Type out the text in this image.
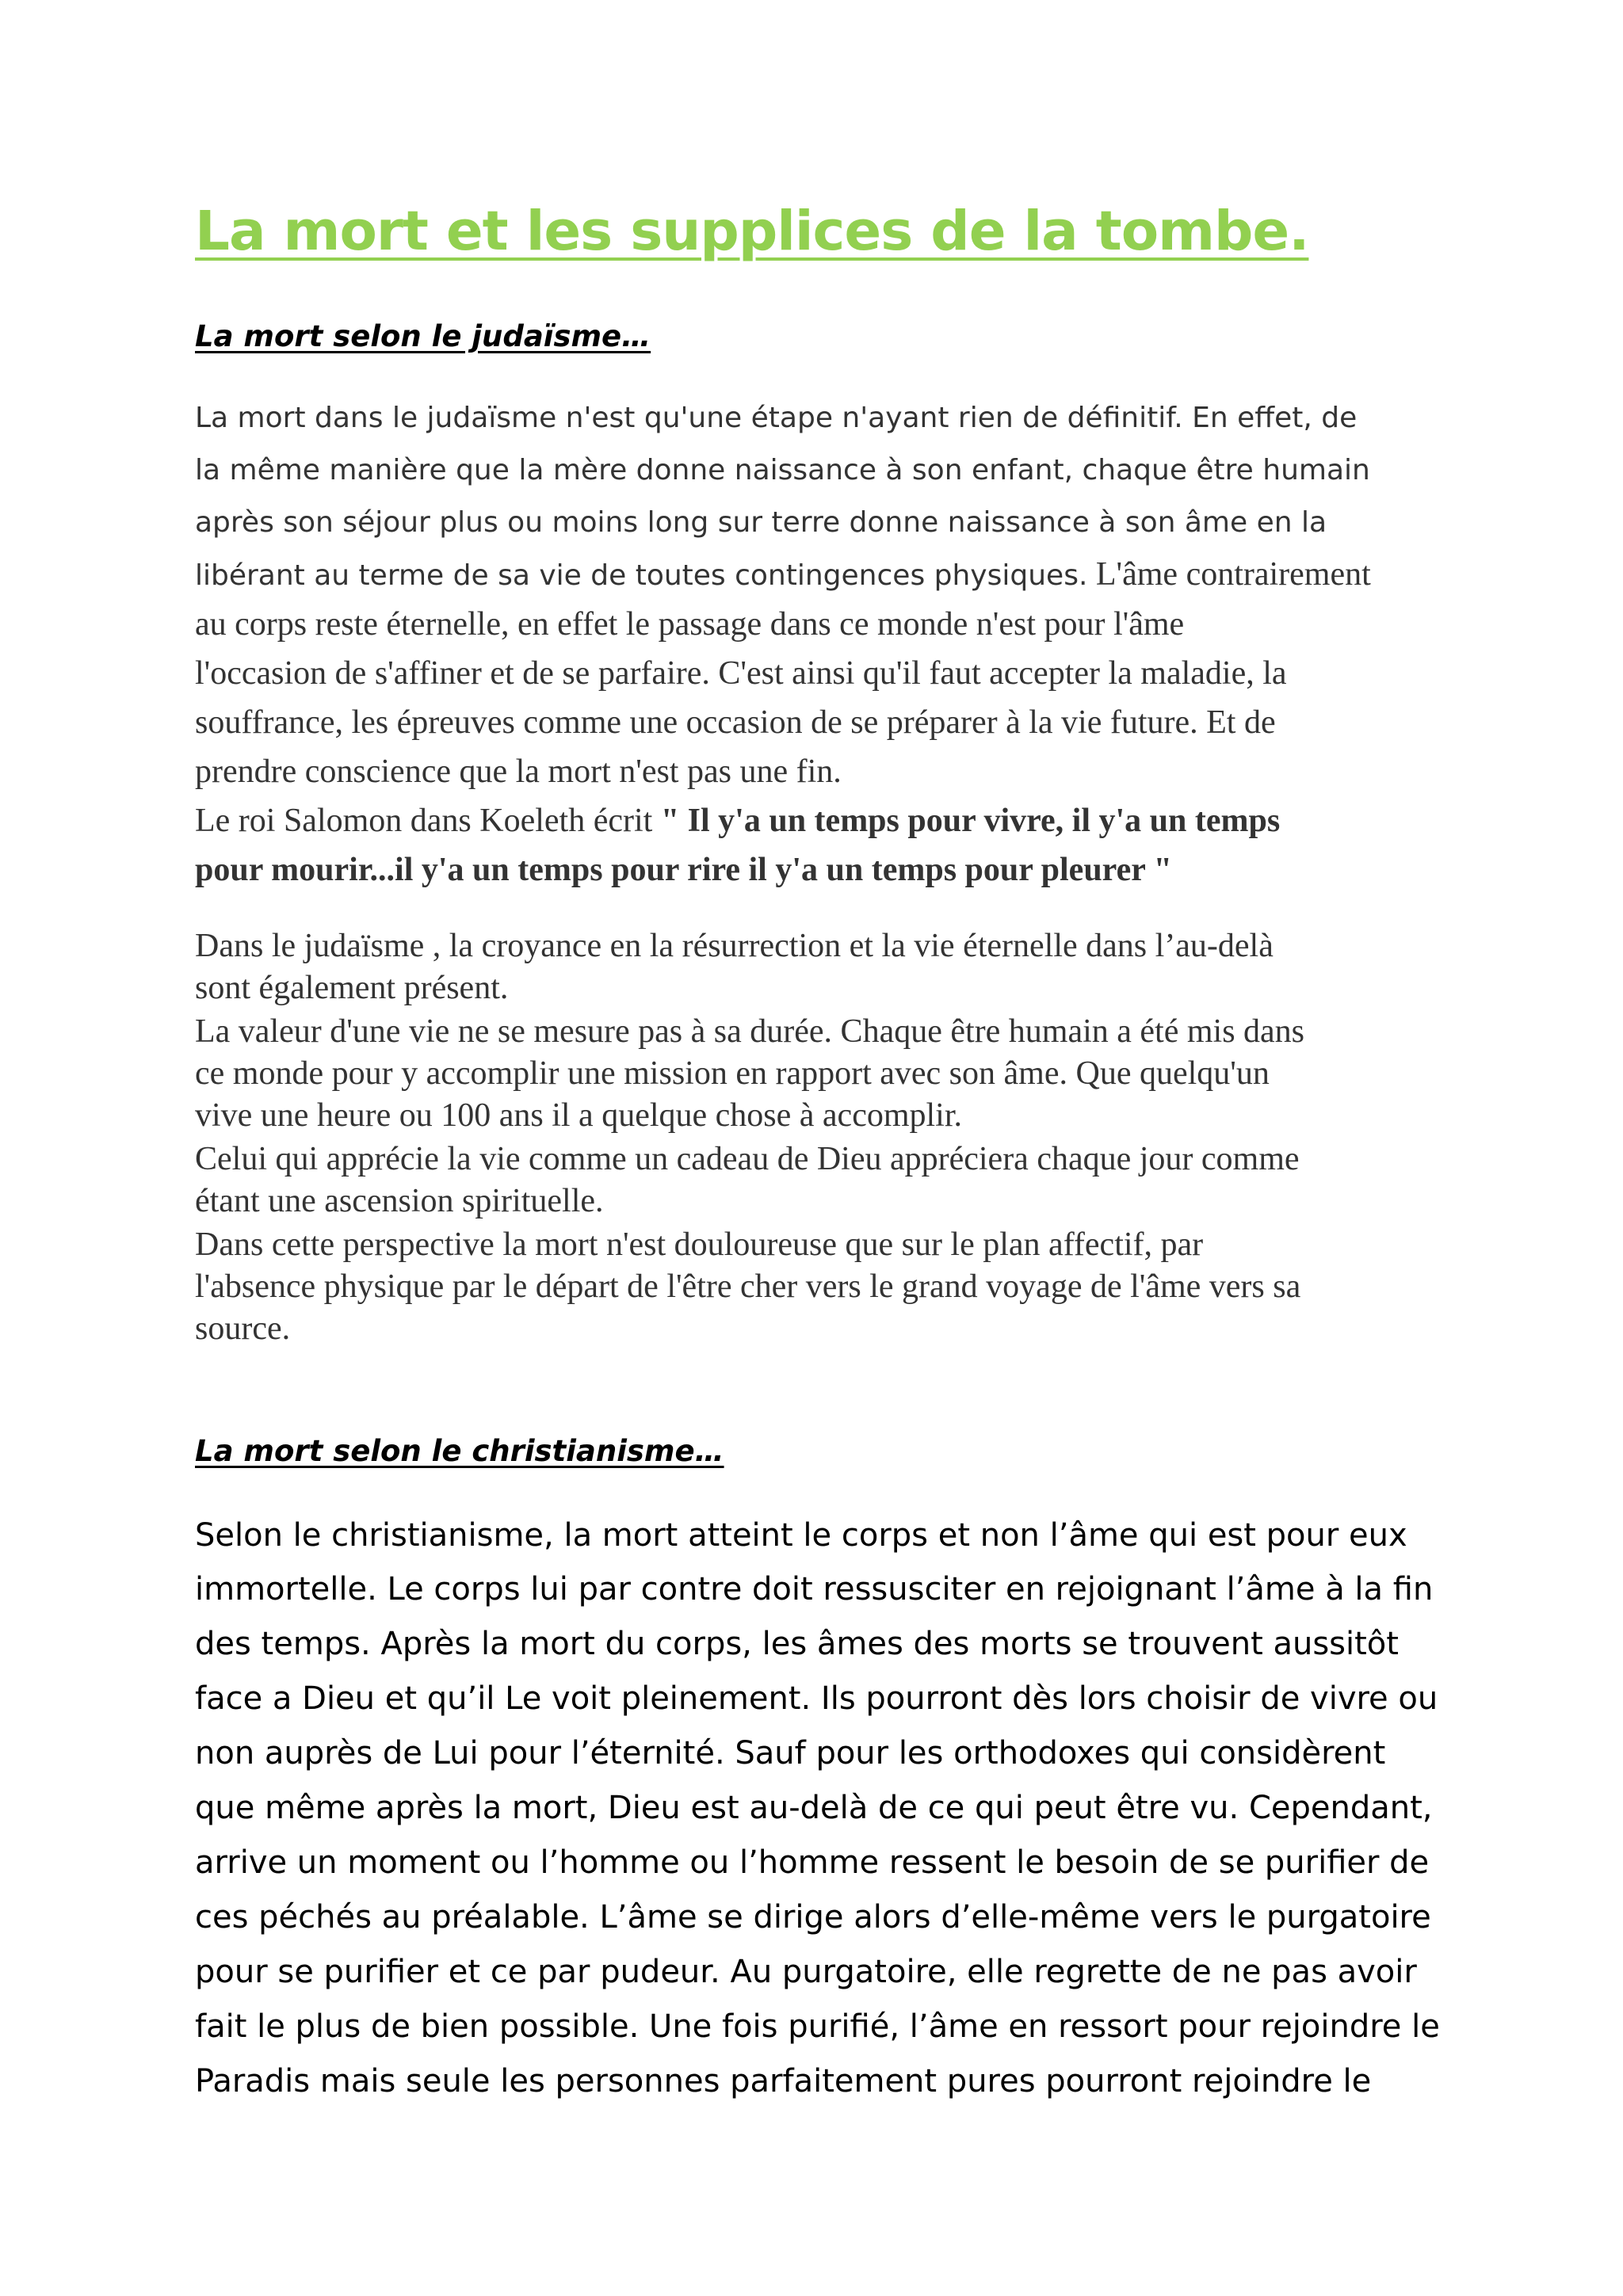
La mort et les supplices de la tombe.
La mort selon le judaïsme…

La mort dans le judaïsme n'est qu'une étape n'ayant rien de définitif. En effet, de

la même manière que la mère donne naissance à son enfant, chaque être humain

après son séjour plus ou moins long sur terre donne naissance à son âme en la

libérant au terme de sa vie de toutes contingences physiques. L'âme contrairement

au corps reste éternelle, en effet le passage dans ce monde n'est pour l'âme

l'occasion de s'affiner et de se parfaire. C'est ainsi qu'il faut accepter la maladie, la

souffrance, les épreuves comme une occasion de se préparer à la vie future. Et de

prendre conscience que la mort n'est pas une fin.

Le roi Salomon dans Koeleth écrit " Il y'a un temps pour vivre, il y'a un temps

pour mourir...il y'a un temps pour rire il y'a un temps pour pleurer "

Dans le judaïsme , la croyance en la résurrection et la vie éternelle dans l’au-delà

sont également présent.

La valeur d'une vie ne se mesure pas à sa durée. Chaque être humain a été mis dans

ce monde pour y accomplir une mission en rapport avec son âme. Que quelqu'un

vive une heure ou 100 ans il a quelque chose à accomplir.

Celui qui apprécie la vie comme un cadeau de Dieu appréciera chaque jour comme

étant une ascension spirituelle.

Dans cette perspective la mort n'est douloureuse que sur le plan affectif, par

l'absence physique par le départ de l'être cher vers le grand voyage de l'âme vers sa

source.

La mort selon le christianisme…

Selon le christianisme, la mort atteint le corps et non l’âme qui est pour eux

immortelle. Le corps lui par contre doit ressusciter en rejoignant l’âme à la fin

des temps. Après la mort du corps, les âmes des morts se trouvent aussitôt

face a Dieu et qu’il Le voit pleinement. Ils pourront dès lors choisir de vivre ou

non auprès de Lui pour l’éternité. Sauf pour les orthodoxes qui considèrent

que même après la mort, Dieu est au-delà de ce qui peut être vu. Cependant,

arrive un moment ou l’homme ou l’homme ressent le besoin de se purifier de

ces péchés au préalable. L’âme se dirige alors d’elle-même vers le purgatoire

pour se purifier et ce par pudeur. Au purgatoire, elle regrette de ne pas avoir

fait le plus de bien possible. Une fois purifié, l’âme en ressort pour rejoindre le

Paradis mais seule les personnes parfaitement pures pourront rejoindre le
